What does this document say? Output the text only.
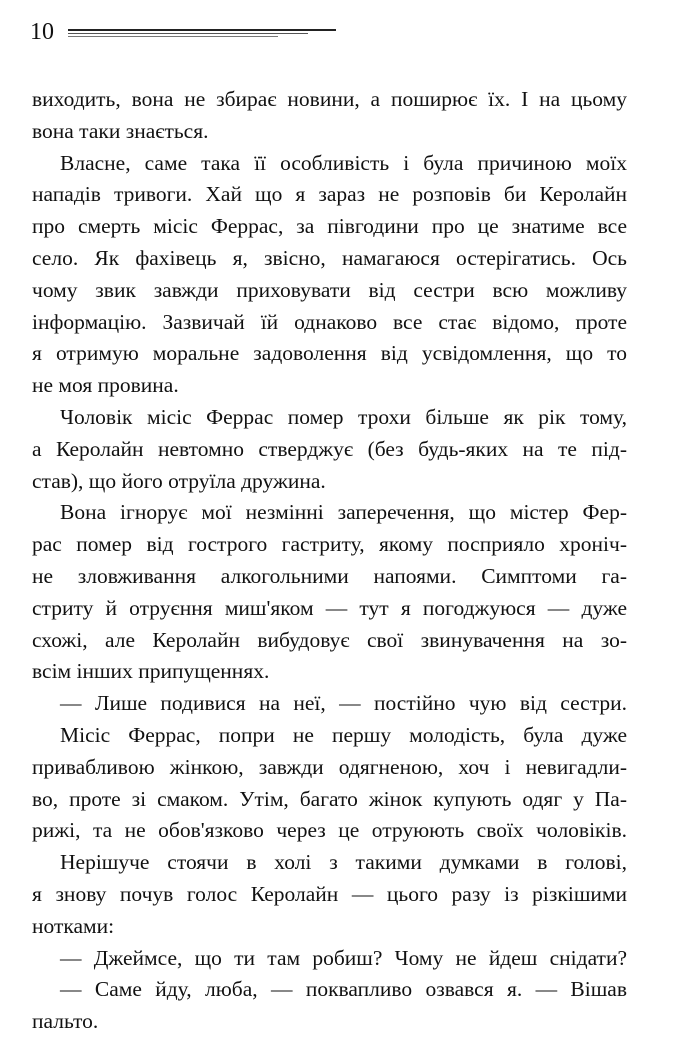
10
виходить, вона не збирає новини, а поширює їх. І на цьому
вона таки знається.
Власне, саме така її особливість і була причиною моїх
нападів тривоги. Хай що я зараз не розповів би Керолайн
про смерть місіс Феррас, за півгодини про це знатиме все
село. Як фахівець я, звісно, намагаюся остерігатись. Ось
чому звик завжди приховувати від сестри всю можливу
інформацію. Зазвичай їй однаково все стає відомо, проте
я отримую моральне задоволення від усвідомлення, що то
не моя провина.
Чоловік місіс Феррас помер трохи більше як рік тому,
а Керолайн невтомно стверджує (без будь-яких на те під-
став), що його отруїла дружина.
Вона ігнорує мої незмінні заперечення, що містер Фер-
рас помер від гострого гастриту, якому посприяло хроніч-
не зловживання алкогольними напоями. Симптоми га-
стриту й отруєння миш'яком — тут я погоджуюся — дуже
схожі, але Керолайн вибудовує свої звинувачення на зо-
всім інших припущеннях.
— Лише подивися на неї, — постійно чую від сестри.
Місіс Феррас, попри не першу молодість, була дуже
привабливою жінкою, завжди одягненою, хоч і невигадли-
во, проте зі смаком. Утім, багато жінок купують одяг у Па-
рижі, та не обов'язково через це отруюють своїх чоловіків.
Нерішуче стоячи в холі з такими думками в голові,
я знову почув голос Керолайн — цього разу із різкішими
нотками:
— Джеймсе, що ти там робиш? Чому не йдеш снідати?
— Саме йду, люба, — поквапливо озвався я. — Вішав
пальто.
